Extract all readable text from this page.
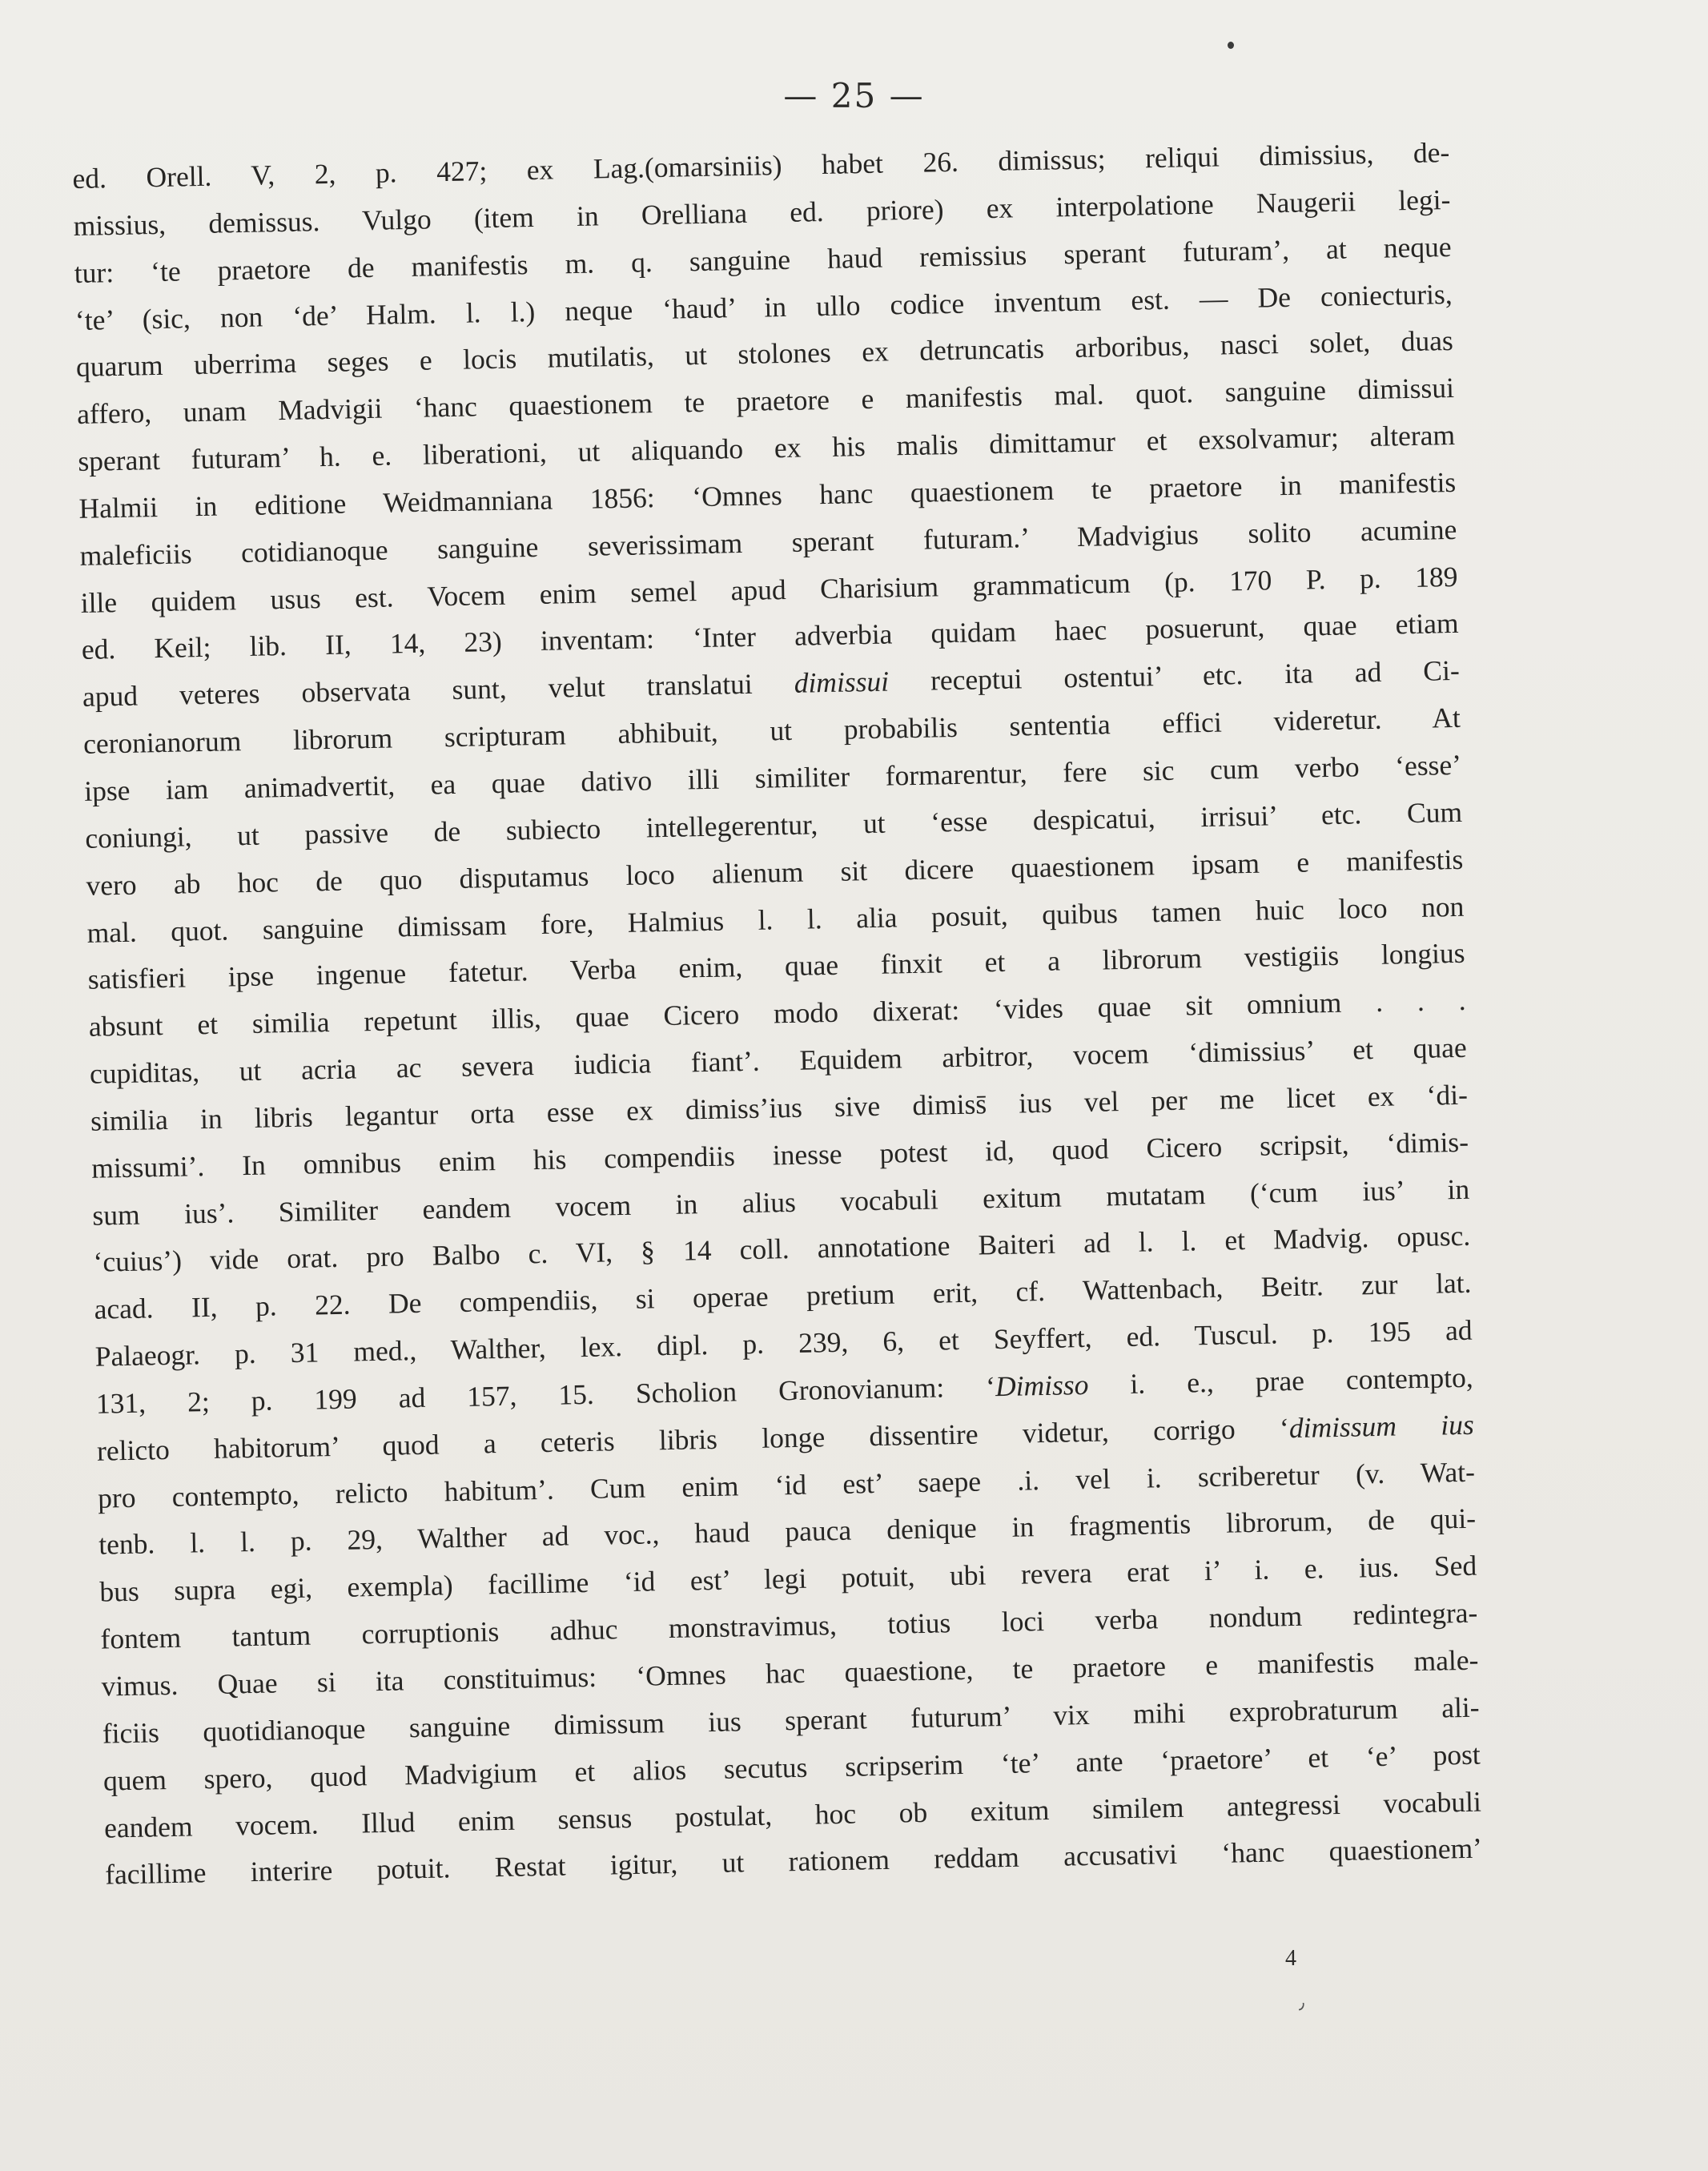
— 25 —
ed. Orell. V, 2, p. 427; ex Lag.(omarsiniis) habet 26. dimissus; reliqui dimissius, de-
missius, demissus. Vulgo (item in Orelliana ed. priore) ex interpolatione Naugerii legi-
tur: ‘te praetore de manifestis m. q. sanguine haud remissius sperant futuram’, at neque
‘te’ (sic, non ‘de’ Halm. l. l.) neque ‘haud’ in ullo codice inventum est. — De coniecturis,
quarum uberrima seges e locis mutilatis, ut stolones ex detruncatis arboribus, nasci solet, duas
affero, unam Madvigii ‘hanc quaestionem te praetore e manifestis mal. quot. sanguine dimissui
sperant futuram’ h. e. liberationi, ut aliquando ex his malis dimittamur et exsolvamur; alteram
Halmii in editione Weidmanniana 1856: ‘Omnes hanc quaestionem te praetore in manifestis
maleficiis cotidianoque sanguine severissimam sperant futuram.’ Madvigius solito acumine
ille quidem usus est. Vocem enim semel apud Charisium grammaticum (p. 170 P. p. 189
ed. Keil; lib. II, 14, 23) inventam: ‘Inter adverbia quidam haec posuerunt, quae etiam
apud veteres observata sunt, velut translatui dimissui receptui ostentui’ etc. ita ad Ci-
ceronianorum librorum scripturam abhibuit, ut probabilis sententia effici videretur. At
ipse iam animadvertit, ea quae dativo illi similiter formarentur, fere sic cum verbo ‘esse’
coniungi, ut passive de subiecto intellegerentur, ut ‘esse despicatui, irrisui’ etc. Cum
vero ab hoc de quo disputamus loco alienum sit dicere quaestionem ipsam e manifestis
mal. quot. sanguine dimissam fore, Halmius l. l. alia posuit, quibus tamen huic loco non
satisfieri ipse ingenue fatetur. Verba enim, quae finxit et a librorum vestigiis longius
absunt et similia repetunt illis, quae Cicero modo dixerat: ‘vides quae sit omnium . . .
cupiditas, ut acria ac severa iudicia fiant’. Equidem arbitror, vocem ‘dimissius’ et quae
similia in libris legantur orta esse ex dimiss’ius sive dimiss̄ ius vel per me licet ex ‘di-
missumi’. In omnibus enim his compendiis inesse potest id, quod Cicero scripsit, ‘dimis-
sum ius’. Similiter eandem vocem in alius vocabuli exitum mutatam (‘cum ius’ in
‘cuius’) vide orat. pro Balbo c. VI, § 14 coll. annotatione Baiteri ad l. l. et Madvig. opusc.
acad. II, p. 22. De compendiis, si operae pretium erit, cf. Wattenbach, Beitr. zur lat.
Palaeogr. p. 31 med., Walther, lex. dipl. p. 239, 6, et Seyffert, ed. Tuscul. p. 195 ad
131, 2; p. 199 ad 157, 15. Scholion Gronovianum: ‘Dimisso i. e., prae contempto,
relicto habitorum’ quod a ceteris libris longe dissentire videtur, corrigo ‘dimissum ius
pro contempto, relicto habitum’. Cum enim ‘id est’ saepe .i. vel i. scriberetur (v. Wat-
tenb. l. l. p. 29, Walther ad voc., haud pauca denique in fragmentis librorum, de qui-
bus supra egi, exempla) facillime ‘id est’ legi potuit, ubi revera erat i’ i. e. ius. Sed
fontem tantum corruptionis adhuc monstravimus, totius loci verba nondum redintegra-
vimus. Quae si ita constituimus: ‘Omnes hac quaestione, te praetore e manifestis male-
ficiis quotidianoque sanguine dimissum ius sperant futurum’ vix mihi exprobraturum ali-
quem spero, quod Madvigium et alios secutus scripserim ‘te’ ante ‘praetore’ et ‘e’ post
eandem vocem. Illud enim sensus postulat, hoc ob exitum similem antegressi vocabuli
facillime interire potuit. Restat igitur, ut rationem reddam accusativi ‘hanc quaestionem’
4
٫
